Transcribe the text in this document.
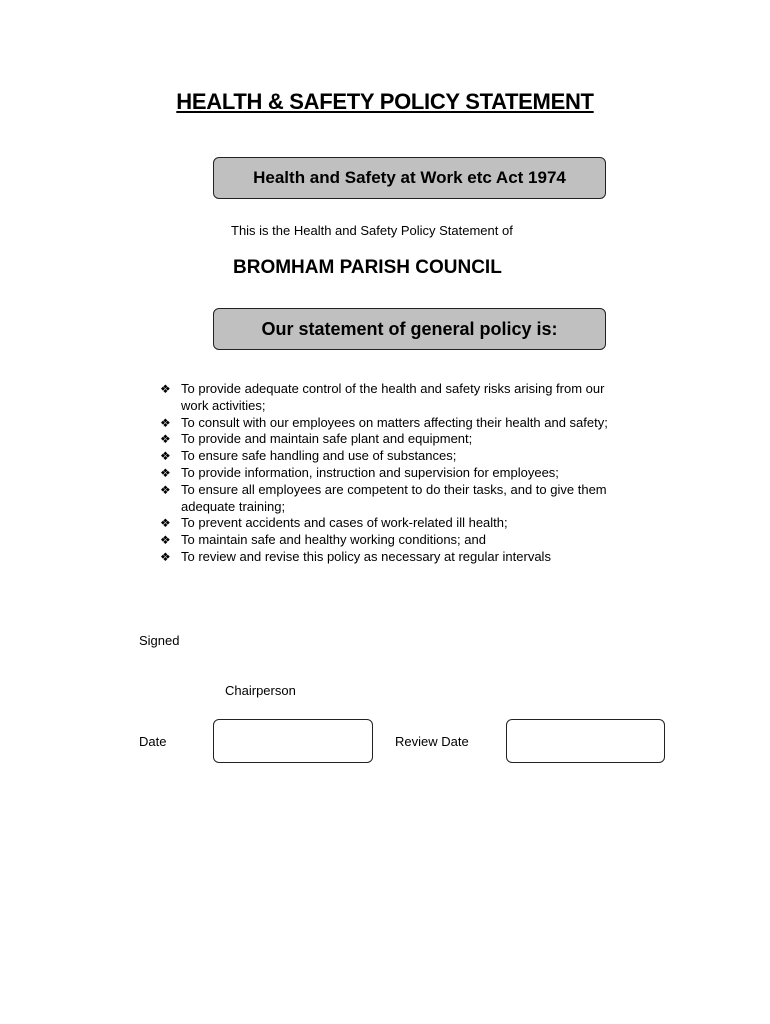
HEALTH & SAFETY POLICY STATEMENT
Health and Safety at Work etc Act 1974
This is the Health and Safety Policy Statement of
BROMHAM PARISH COUNCIL
Our statement of general policy is:
❖ To provide adequate control of the health and safety risks arising from our work activities;
❖ To consult with our employees on matters affecting their health and safety;
❖ To provide and maintain safe plant and equipment;
❖ To ensure safe handling and use of substances;
❖ To provide information, instruction and supervision for employees;
❖ To ensure all employees are competent to do their tasks, and to give them adequate training;
❖ To prevent accidents and cases of work-related ill health;
❖ To maintain safe and healthy working conditions; and
❖ To review and revise this policy as necessary at regular intervals
Signed
Chairperson
Date	Review Date
